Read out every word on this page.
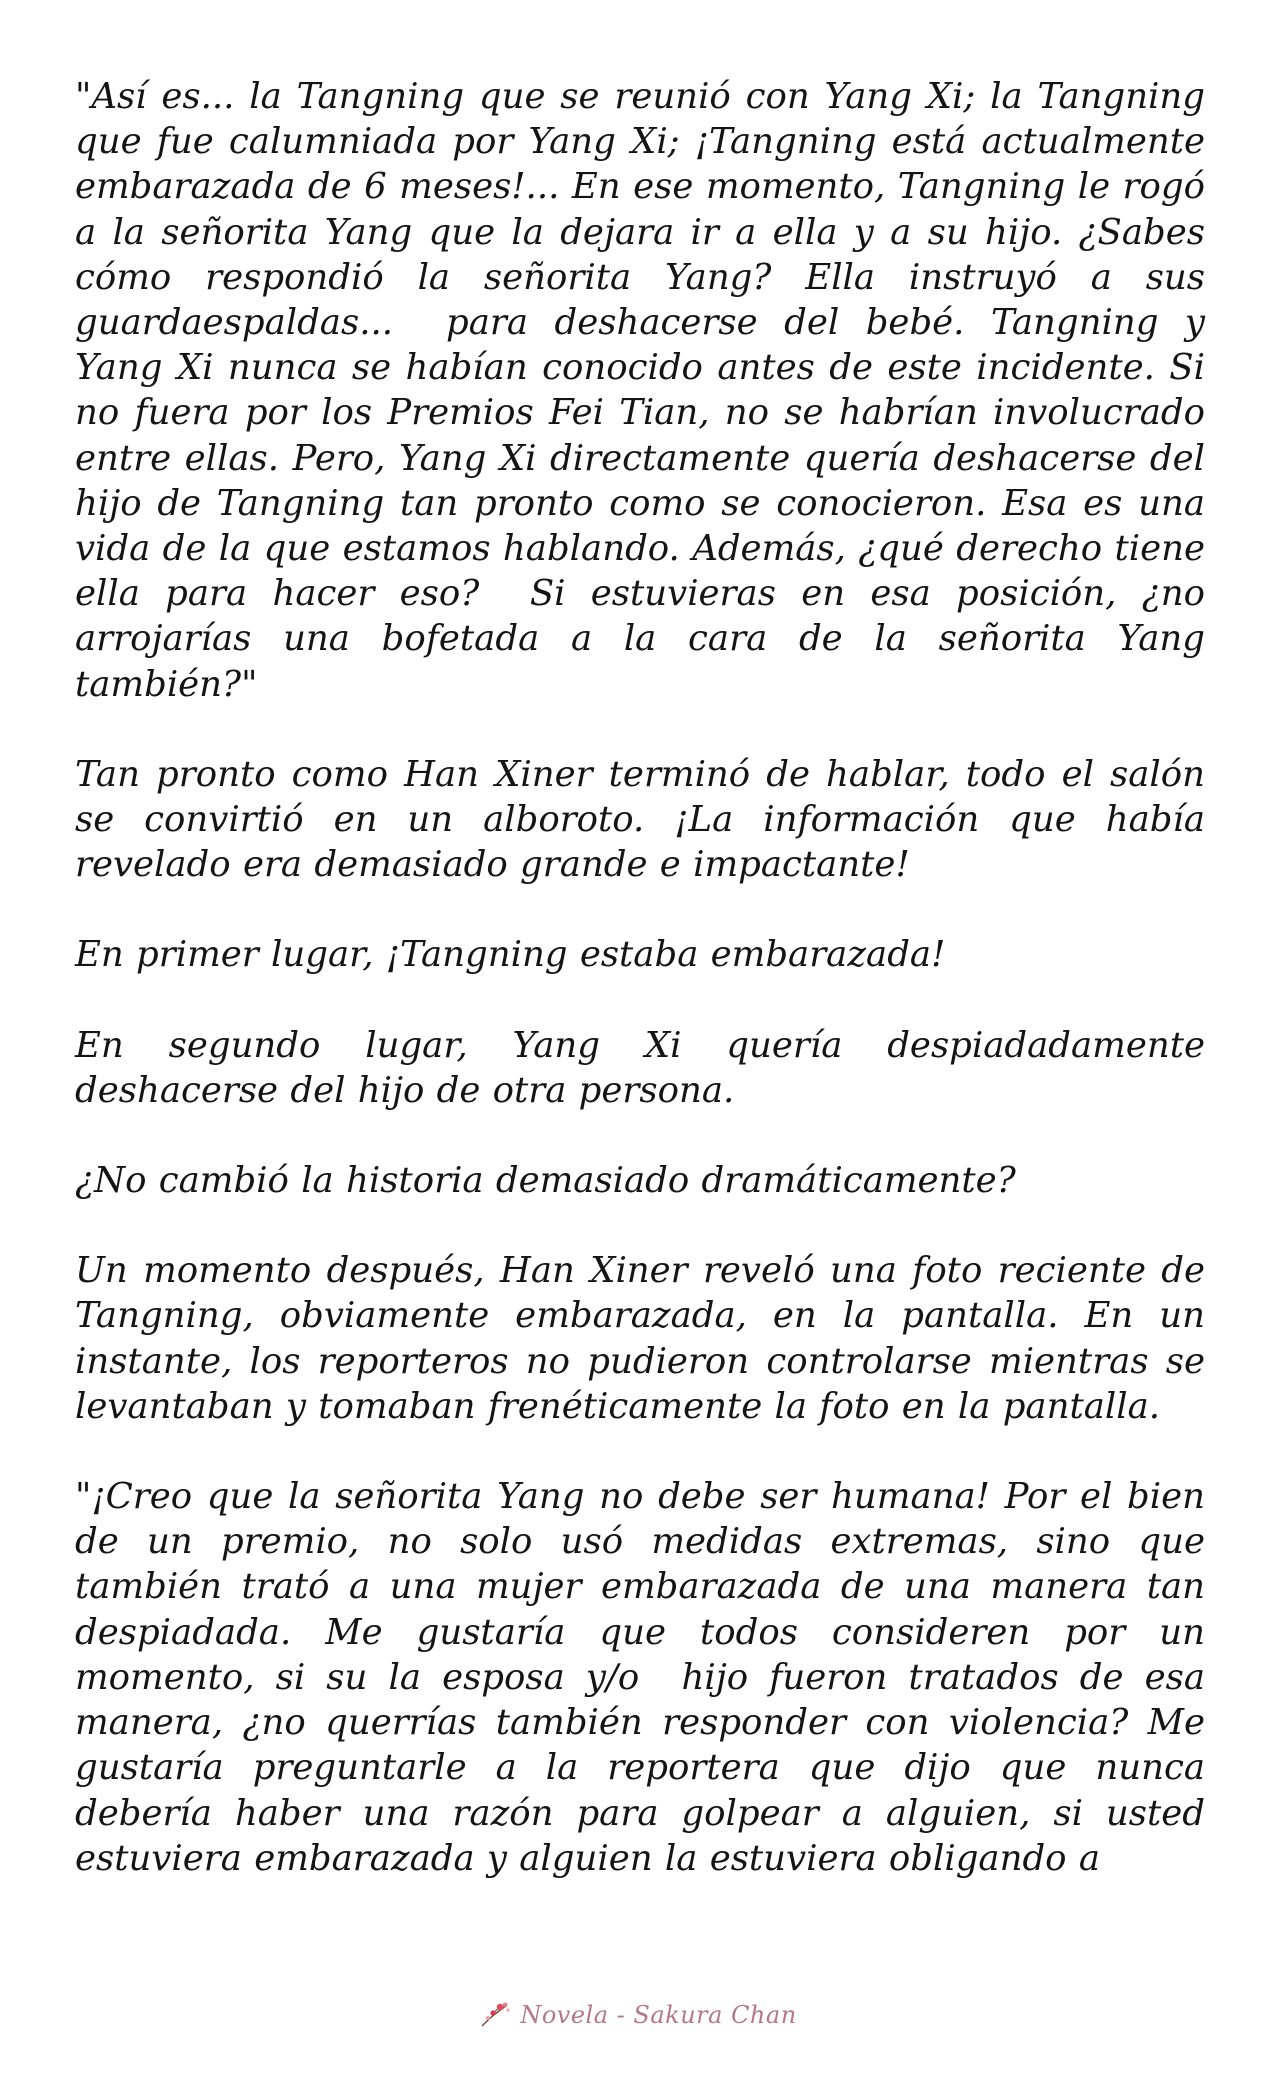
"Así es... la Tangning que se reunió con Yang Xi; la Tangning que fue calumniada por Yang Xi; ¡Tangning está actualmente embarazada de 6 meses!... En ese momento, Tangning le rogó a la señorita Yang que la dejara ir a ella y a su hijo. ¿Sabes cómo respondió la señorita Yang? Ella instruyó a sus guardaespaldas...  para deshacerse del bebé. Tangning y Yang Xi nunca se habían conocido antes de este incidente. Si no fuera por los Premios Fei Tian, no se habrían involucrado entre ellas. Pero, Yang Xi directamente quería deshacerse del hijo de Tangning tan pronto como se conocieron. Esa es una vida de la que estamos hablando. Además, ¿qué derecho tiene ella para hacer eso?  Si estuvieras en esa posición, ¿no arrojarías una bofetada a la cara de la señorita Yang también?"

Tan pronto como Han Xiner terminó de hablar, todo el salón se convirtió en un alboroto. ¡La información que había revelado era demasiado grande e impactante!

En primer lugar, ¡Tangning estaba embarazada!

En segundo lugar, Yang Xi quería despiadadamente deshacerse del hijo de otra persona.

¿No cambió la historia demasiado dramáticamente?

Un momento después, Han Xiner reveló una foto reciente de Tangning, obviamente embarazada, en la pantalla. En un instante, los reporteros no pudieron controlarse mientras se levantaban y tomaban frenéticamente la foto en la pantalla.

"¡Creo que la señorita Yang no debe ser humana! Por el bien de un premio, no solo usó medidas extremas, sino que también trató a una mujer embarazada de una manera tan despiadada. Me gustaría que todos consideren por un momento, si su la esposa y/o  hijo fueron tratados de esa manera, ¿no querrías también responder con violencia? Me gustaría preguntarle a la reportera que dijo que nunca debería haber una razón para golpear a alguien, si usted estuviera embarazada y alguien la estuviera obligando a

Novela - Sakura Chan
